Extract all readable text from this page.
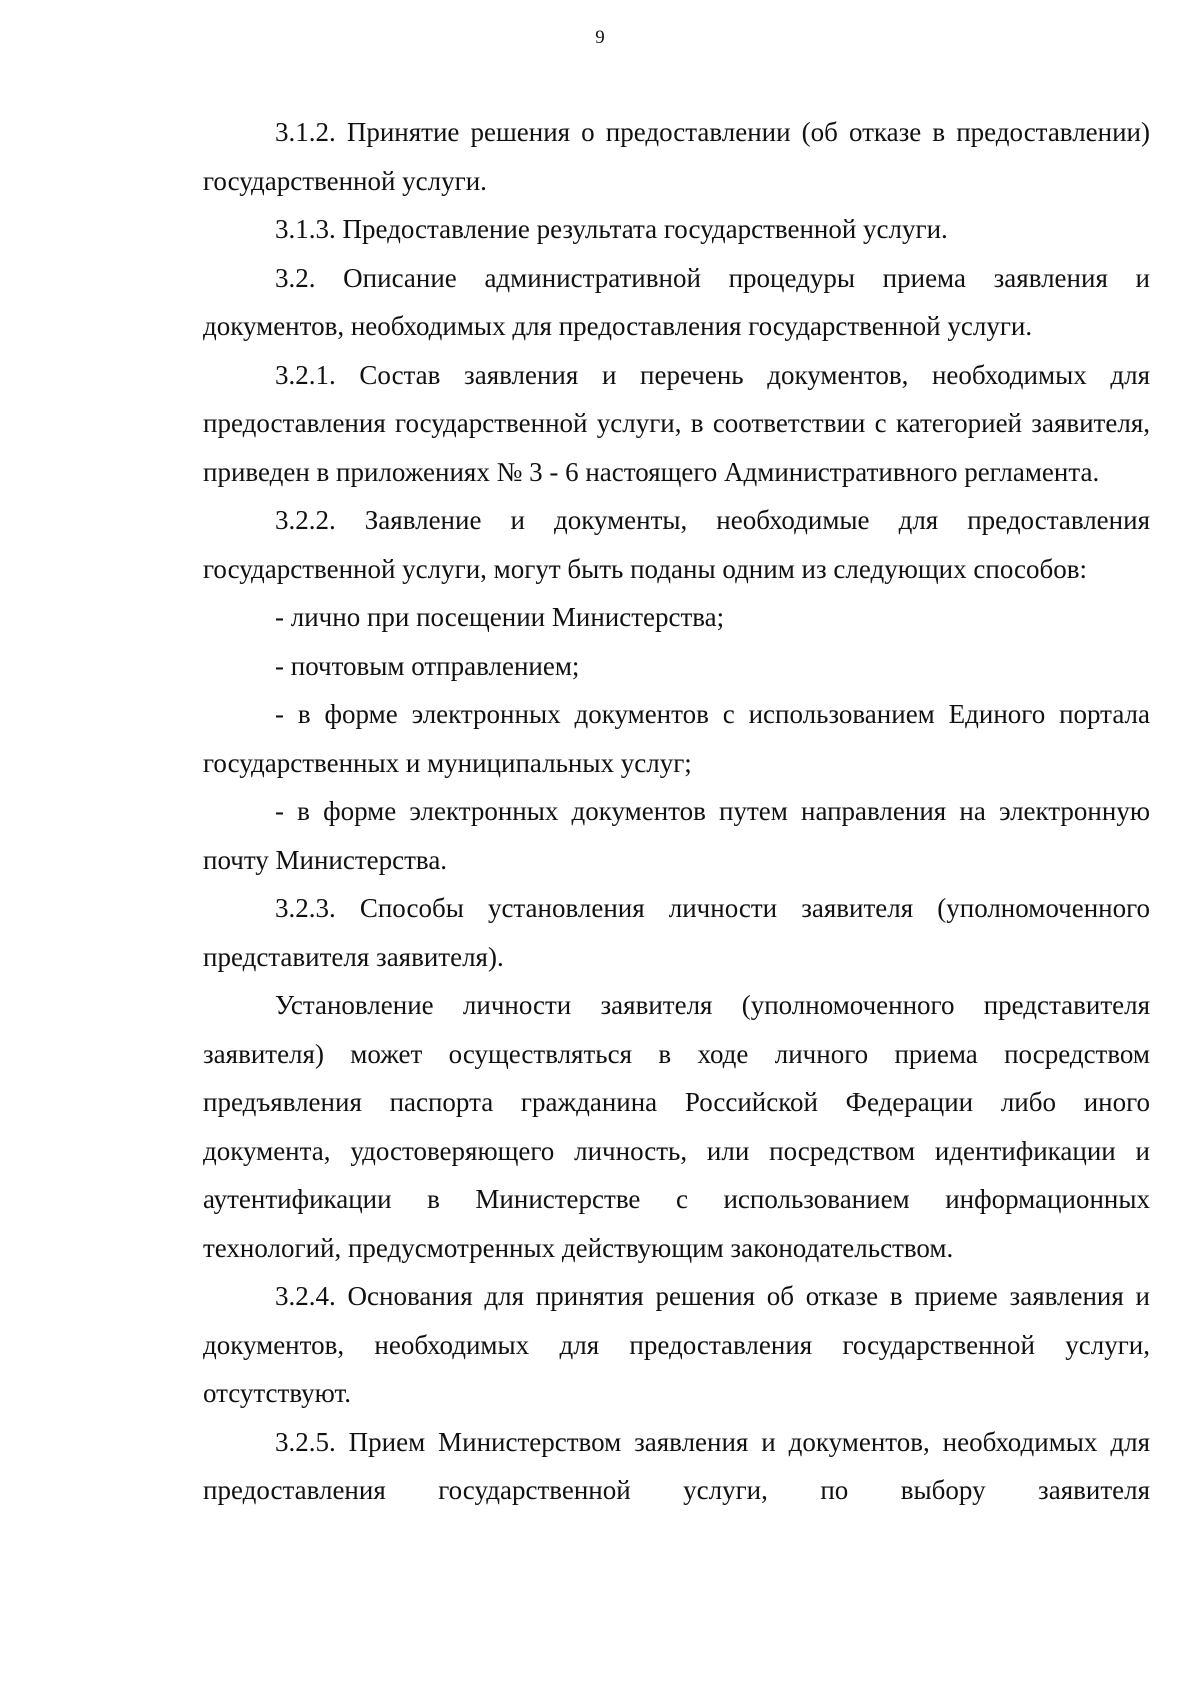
9

3.1.2. Принятие решения о предоставлении (об отказе в предоставлении) государственной услуги.

3.1.3. Предоставление результата государственной услуги.

3.2. Описание административной процедуры приема заявления и документов, необходимых для предоставления государственной услуги.

3.2.1. Состав заявления и перечень документов, необходимых для предоставления государственной услуги, в соответствии с категорией заявителя, приведен в приложениях № 3 - 6 настоящего Административного регламента.

3.2.2. Заявление и документы, необходимые для предоставления государственной услуги, могут быть поданы одним из следующих способов:

- лично при посещении Министерства;

- почтовым отправлением;

- в форме электронных документов с использованием Единого портала государственных и муниципальных услуг;

- в форме электронных документов путем направления на электронную почту Министерства.

3.2.3. Способы установления личности заявителя (уполномоченного представителя заявителя).

Установление личности заявителя (уполномоченного представителя заявителя) может осуществляться в ходе личного приема посредством предъявления паспорта гражданина Российской Федерации либо иного документа, удостоверяющего личность, или посредством идентификации и аутентификации в Министерстве с использованием информационных технологий, предусмотренных действующим законодательством.

3.2.4. Основания для принятия решения об отказе в приеме заявления и документов, необходимых для предоставления государственной услуги, отсутствуют.

3.2.5. Прием Министерством заявления и документов, необходимых для предоставления государственной услуги, по выбору заявителя
